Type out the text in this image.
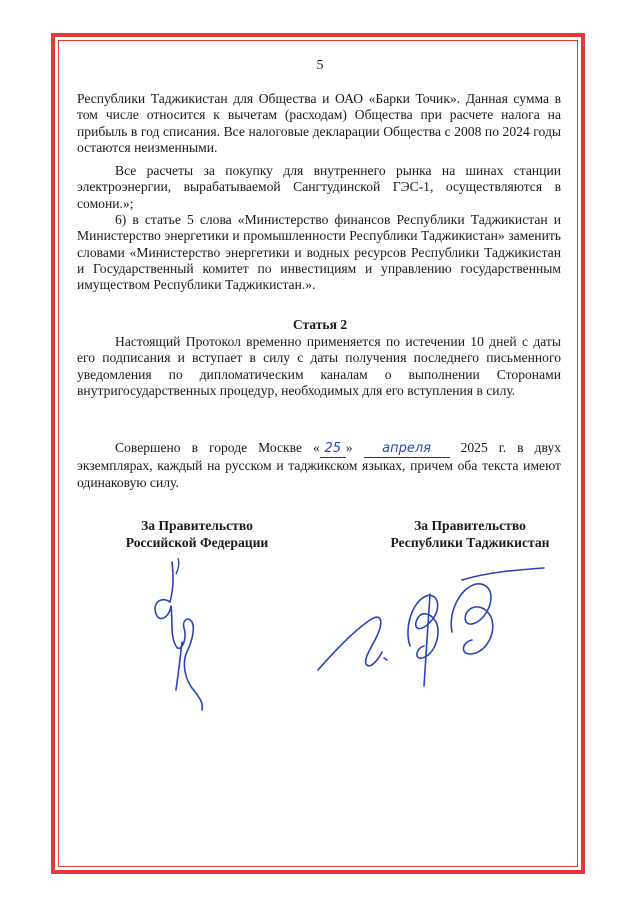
5

Республики Таджикистан для Общества и ОАО «Барки Точик». Данная сумма в том числе относится к вычетам (расходам) Общества при расчете налога на прибыль в год списания. Все налоговые декларации Общества с 2008 по 2024 годы остаются неизменными.

Все расчеты за покупку для внутреннего рынка на шинах станции электроэнергии, вырабатываемой Сангтудинской ГЭС-1, осуществляются в сомони.»;

6) в статье 5 слова «Министерство финансов Республики Таджикистан и Министерство энергетики и промышленности Республики Таджикистан» заменить словами «Министерство энергетики и водных ресурсов Республики Таджикистан и Государственный комитет по инвестициям и управлению государственным имуществом Республики Таджикистан.».

Статья 2

Настоящий Протокол временно применяется по истечении 10 дней с даты его подписания и вступает в силу с даты получения последнего письменного уведомления по дипломатическим каналам о выполнении Сторонами внутригосударственных процедур, необходимых для его вступления в силу.

Совершено в городе Москве « 25 » апреля 2025 г. в двух экземплярах, каждый на русском и таджикском языках, причем оба текста имеют одинаковую силу.

За Правительство
Российской Федерации
За Правительство
Республики Таджикистан
